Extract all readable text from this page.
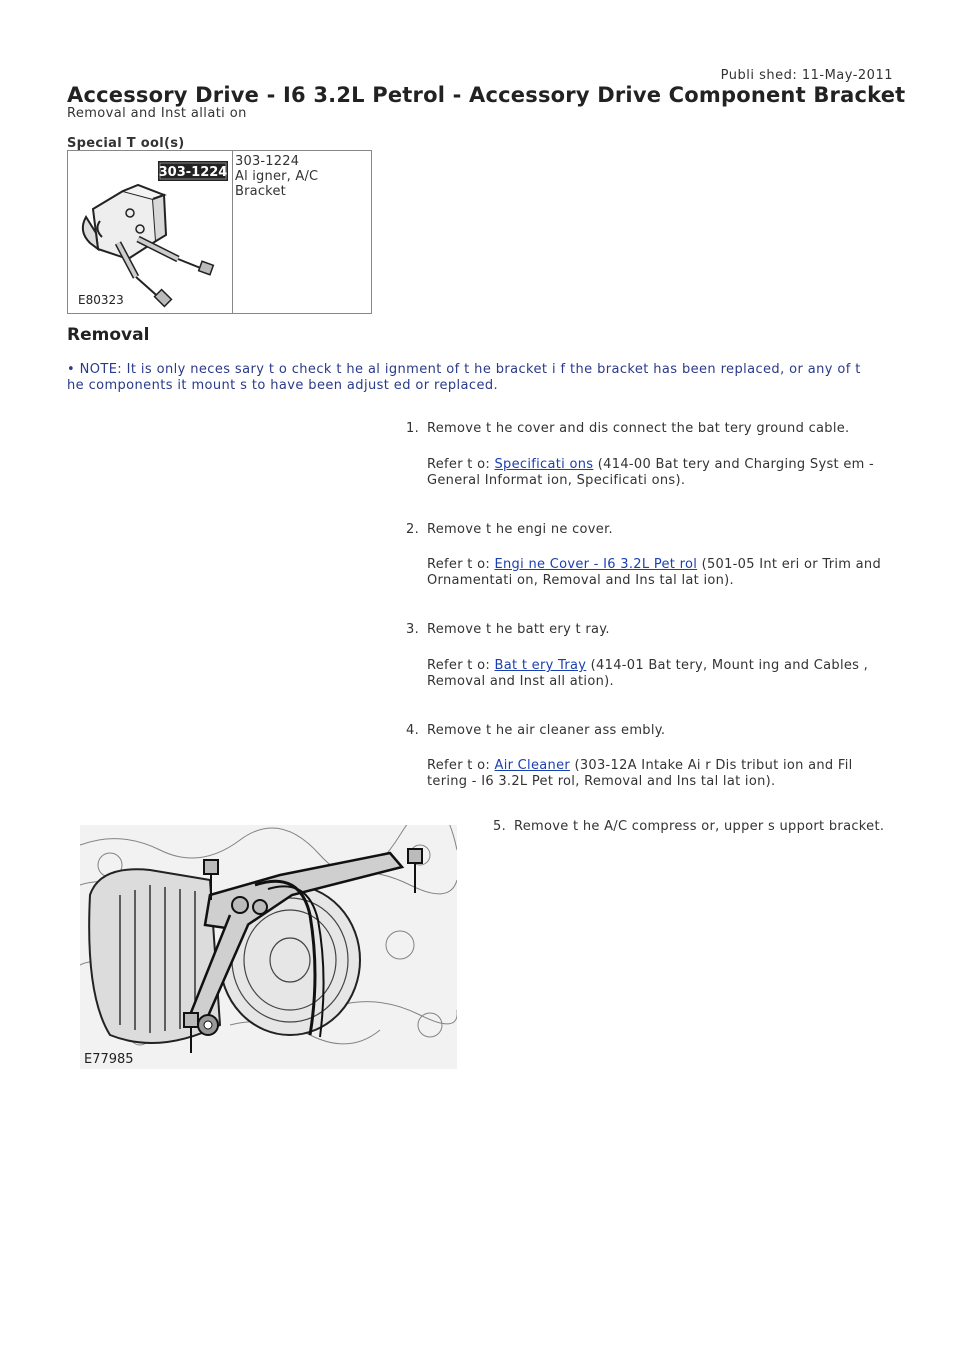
Publi shed: 11-May-2011
Accessory Drive - I6 3.2L Petrol - Accessory Drive Component Bracket
Removal and Inst allati on
Special T ool(s)
303-1224
E80323
303-1224
Al igner, A/C Bracket
Removal
• NOTE: It is only neces sary t o check t he al ignment of t he bracket i f the bracket has been replaced, or any of t he components it mount s to have been adjust ed or replaced.
1. Remove t he cover and dis connect the bat tery ground cable.
Refer t o: Specificati ons (414-00 Bat tery and Charging Syst em - General Informat ion, Specificati ons).
2. Remove t he engi ne cover.
Refer t o: Engi ne Cover - I6 3.2L Pet rol (501-05 Int eri or Trim and Ornamentati on, Removal and Ins tal lat ion).
3. Remove t he batt ery t ray.
Refer t o: Bat t ery Tray (414-01 Bat tery, Mount ing and Cables , Removal and Inst all ation).
4. Remove t he air cleaner ass embly.
Refer t o: Air Cleaner (303-12A Intake Ai r Dis tribut ion and Fil tering - I6 3.2L Pet rol, Removal and Ins tal lat ion).
5. Remove t he A/C compress or, upper s upport bracket.
E77985
